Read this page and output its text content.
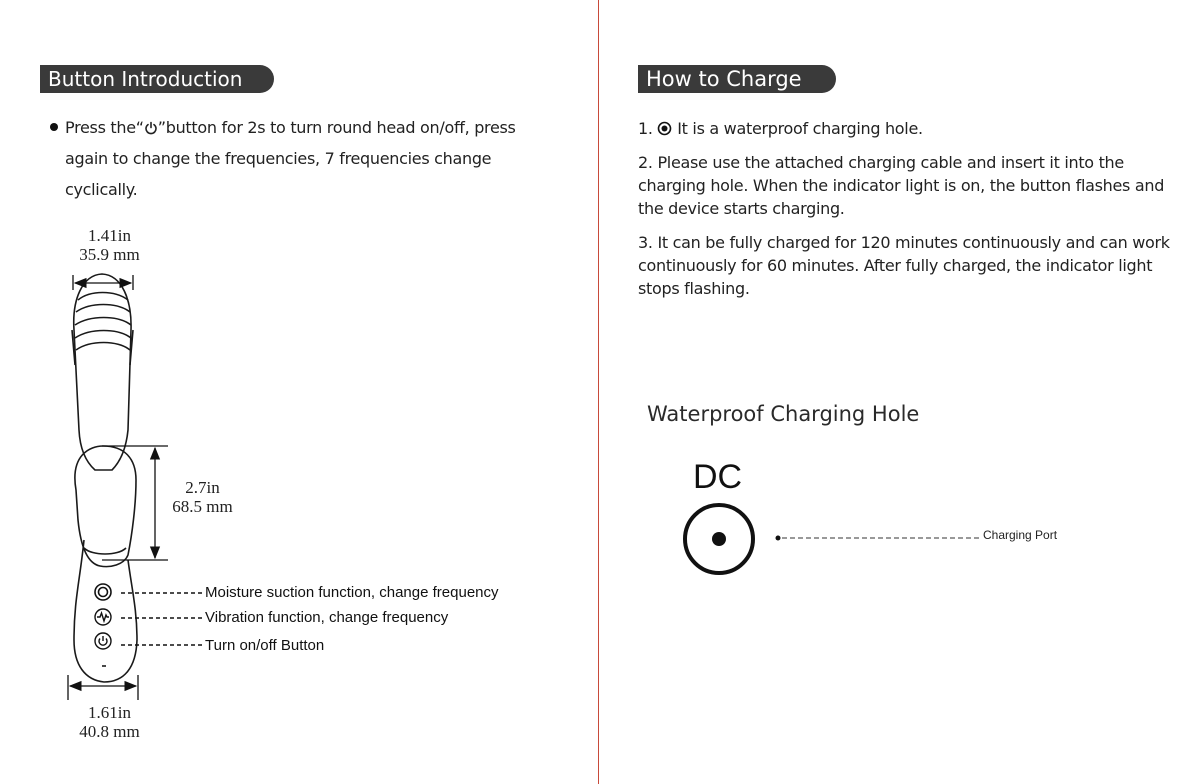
Button Introduction
Press the“ ”button for 2s to turn round head on/off, press again to change the frequencies, 7 frequencies change cyclically.
1.41in
35.9 mm
2.7in
68.5 mm
1.61in
40.8 mm
Moisture suction function, change frequency
Vibration function, change frequency
Turn on/off Button
How to Charge

1.  It is a waterproof charging hole.

2. Please use the attached charging cable and insert it into the charging hole. When the indicator light is on, the button flashes and the device starts charging.

3. It can be fully charged for 120 minutes continuously and can work continuously for 60 minutes. After fully charged, the indicator light stops flashing.

Waterproof Charging Hole
DC
Charging Port
